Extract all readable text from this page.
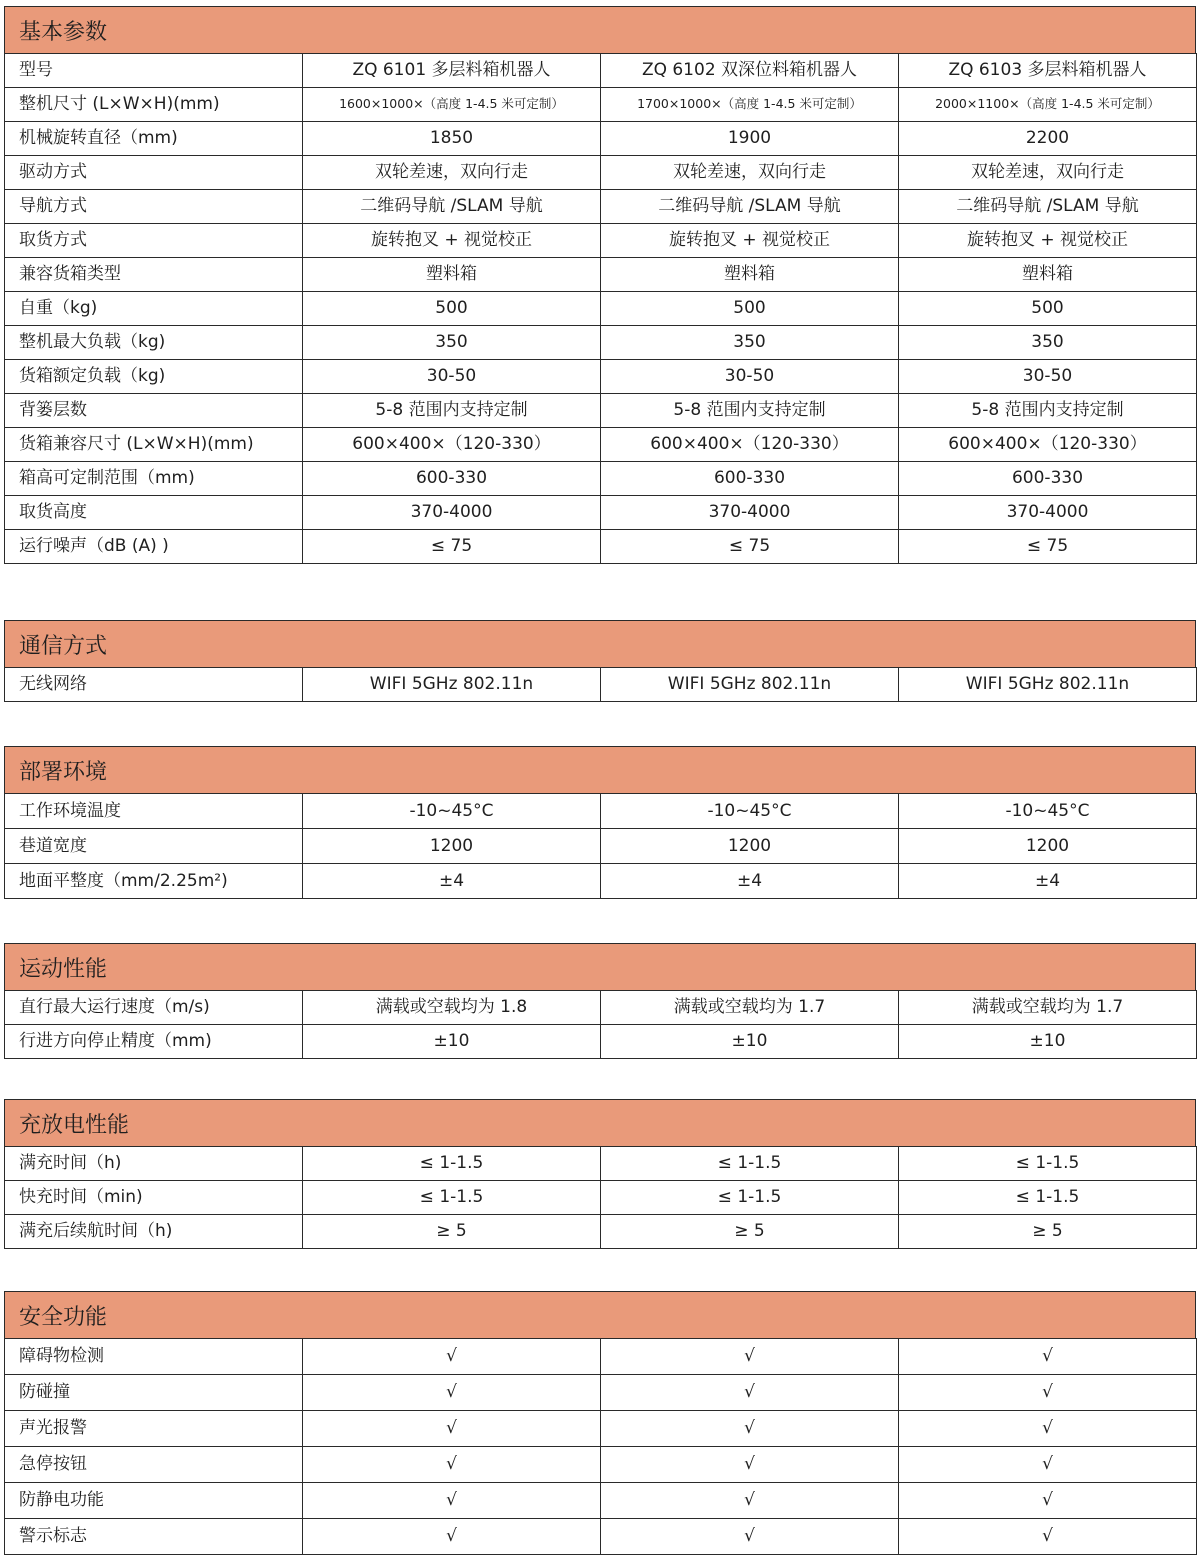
基本参数
型号	ZQ 6101 多层料箱机器人	ZQ 6102 双深位料箱机器人	ZQ 6103 多层料箱机器人
整机尺寸 (L×W×H)(mm)	1600×1000×（高度 1-4.5 米可定制）	1700×1000×（高度 1-4.5 米可定制）	2000×1100×（高度 1-4.5 米可定制）
机械旋转直径（mm)	1850	1900	2200
驱动方式	双轮差速，双向行走	双轮差速，双向行走	双轮差速，双向行走
导航方式	二维码导航 /SLAM 导航	二维码导航 /SLAM 导航	二维码导航 /SLAM 导航
取货方式	旋转抱叉 + 视觉校正	旋转抱叉 + 视觉校正	旋转抱叉 + 视觉校正
兼容货箱类型	塑料箱	塑料箱	塑料箱
自重（kg)	500	500	500
整机最大负载（kg)	350	350	350
货箱额定负载（kg)	30-50	30-50	30-50
背篓层数	5-8 范围内支持定制	5-8 范围内支持定制	5-8 范围内支持定制
货箱兼容尺寸 (L×W×H)(mm)	600×400×（120-330）	600×400×（120-330）	600×400×（120-330）
箱高可定制范围（mm)	600-330	600-330	600-330
取货高度	370-4000	370-4000	370-4000
运行噪声（dB (A) )	≤ 75	≤ 75	≤ 75
通信方式
无线网络	WIFI 5GHz 802.11n	WIFI 5GHz 802.11n	WIFI 5GHz 802.11n
部署环境
工作环境温度	-10~45°C	-10~45°C	-10~45°C
巷道宽度	1200	1200	1200
地面平整度（mm/2.25m²)	±4	±4	±4
运动性能
直行最大运行速度（m/s)	满载或空载均为 1.8	满载或空载均为 1.7	满载或空载均为 1.7
行进方向停止精度（mm)	±10	±10	±10
充放电性能
满充时间（h)	≤ 1-1.5	≤ 1-1.5	≤ 1-1.5
快充时间（min)	≤ 1-1.5	≤ 1-1.5	≤ 1-1.5
满充后续航时间（h)	≥ 5	≥ 5	≥ 5
安全功能
障碍物检测	√	√	√
防碰撞	√	√	√
声光报警	√	√	√
急停按钮	√	√	√
防静电功能	√	√	√
警示标志	√	√	√
